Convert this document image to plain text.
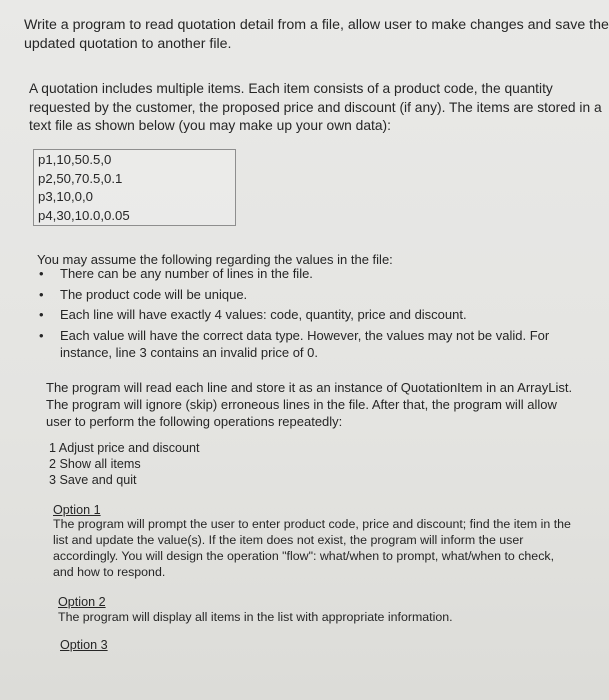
Write a program to read quotation detail from a file, allow user to make changes and save the updated quotation to another file.

A quotation includes multiple items. Each item consists of a product code, the quantity requested by the customer, the proposed price and discount (if any). The items are stored in a text file as shown below (you may make up your own data):

p1,10,50.5,0
p2,50,70.5,0.1
p3,10,0,0
p4,30,10.0,0.05

You may assume the following regarding the values in the file:

• There can be any number of lines in the file.
• The product code will be unique.
• Each line will have exactly 4 values: code, quantity, price and discount.
• Each value will have the correct data type. However, the values may not be valid. For instance, line 3 contains an invalid price of 0.

The program will read each line and store it as an instance of QuotationItem in an ArrayList. The program will ignore (skip) erroneous lines in the file. After that, the program will allow user to perform the following operations repeatedly:

1 Adjust price and discount
2 Show all items
3 Save and quit

Option 1

The program will prompt the user to enter product code, price and discount; find the item in the list and update the value(s). If the item does not exist, the program will inform the user accordingly. You will design the operation "flow": what/when to prompt, what/when to check, and how to respond.

Option 2

The program will display all items in the list with appropriate information.

Option 3
